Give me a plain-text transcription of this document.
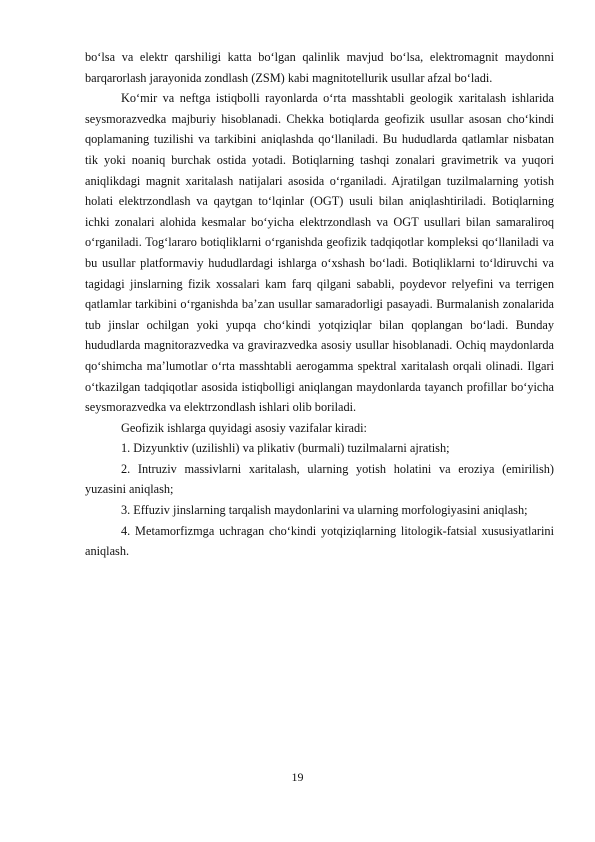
bo‘lsa va elektr qarshiligi katta bo‘lgan qalinlik mavjud bo‘lsa, elektromagnit maydonni barqarorlash jarayonida zondlash (ZSM) kabi magnitotellurik usullar afzal bo‘ladi.

Ko‘mir va neftga istiqbolli rayonlarda o‘rta masshtabli geologik xaritalash ishlarida seysmorazvedka majburiy hisoblanadi. Chekka botiqlarda geofizik usullar asosan cho‘kindi qoplamaning tuzilishi va tarkibini aniqlashda qo‘llaniladi. Bu hududlarda qatlamlar nisbatan tik yoki noaniq burchak ostida yotadi. Botiqlarning tashqi zonalari gravimetrik va yuqori aniqlikdagi magnit xaritalash natijalari asosida o‘rganiladi. Ajratilgan tuzilmalarning yotish holati elektrzondlash va qaytgan to‘lqinlar (OGT) usuli bilan aniqlashtiriladi. Botiqlarning ichki zonalari alohida kesmalar bo‘yicha elektrzondlash va OGT usullari bilan samaraliroq o‘rganiladi. Tog‘lararo botiqliklarni o‘rganishda geofizik tadqiqotlar kompleksi qo‘llaniladi va bu usullar platformaviy hududlardagi ishlarga o‘xshash bo‘ladi. Botiqliklarni to‘ldiruvchi va tagidagi jinslarning fizik xossalari kam farq qilgani sababli, poydevor relyefini va terrigen qatlamlar tarkibini o‘rganishda ba’zan usullar samaradorligi pasayadi. Burmalanish zonalarida tub jinslar ochilgan yoki yupqa cho‘kindi yotqiziqlar bilan qoplangan bo‘ladi. Bunday hududlarda magnitorazvedka va gravirazvedka asosiy usullar hisoblanadi. Ochiq maydonlarda qo‘shimcha ma’lumotlar o‘rta masshtabli aerogamma spektral xaritalash orqali olinadi. Ilgari o‘tkazilgan tadqiqotlar asosida istiqbolligi aniqlangan maydonlarda tayanch profillar bo‘yicha seysmorazvedka va elektrzondlash ishlari olib boriladi.

Geofizik ishlarga quyidagi asosiy vazifalar kiradi:

1. Dizyunktiv (uzilishli) va plikativ (burmali) tuzilmalarni ajratish;

2. Intruziv massivlarni xaritalash, ularning yotish holatini va eroziya (emirilish) yuzasini aniqlash;

3. Effuziv jinslarning tarqalish maydonlarini va ularning morfologiyasini aniqlash;

4. Metamorfizmga uchragan cho‘kindi yotqiziqlarning litologik-fatsial xususiyatlarini aniqlash.

19
